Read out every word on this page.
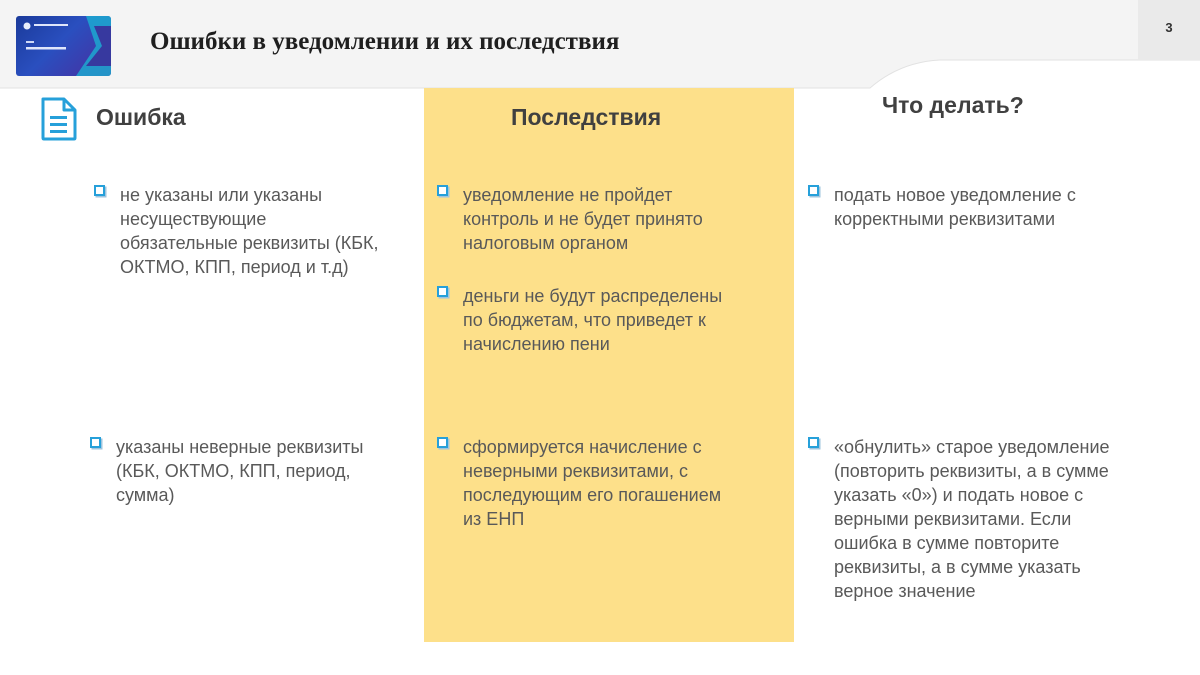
Ошибки в уведомлении и их последствия
3
Ошибка	Последствия	Что делать?
не указаны или указаны
несуществующие
обязательные реквизиты (КБК,
ОКТМО, КПП, период и т.д)
указаны неверные реквизиты
(КБК, ОКТМО, КПП, период,
сумма)
уведомление не пройдет
контроль и не будет принято
налоговым органом
деньги не будут распределены
по бюджетам, что приведет к
начислению пени
сформируется начисление с
неверными реквизитами, с
последующим его погашением
из ЕНП
подать новое уведомление с
корректными реквизитами
«обнулить» старое уведомление
(повторить реквизиты, а в сумме
указать «0») и подать новое с
верными реквизитами. Если
ошибка в сумме повторите
реквизиты, а в сумме указать
верное значение
